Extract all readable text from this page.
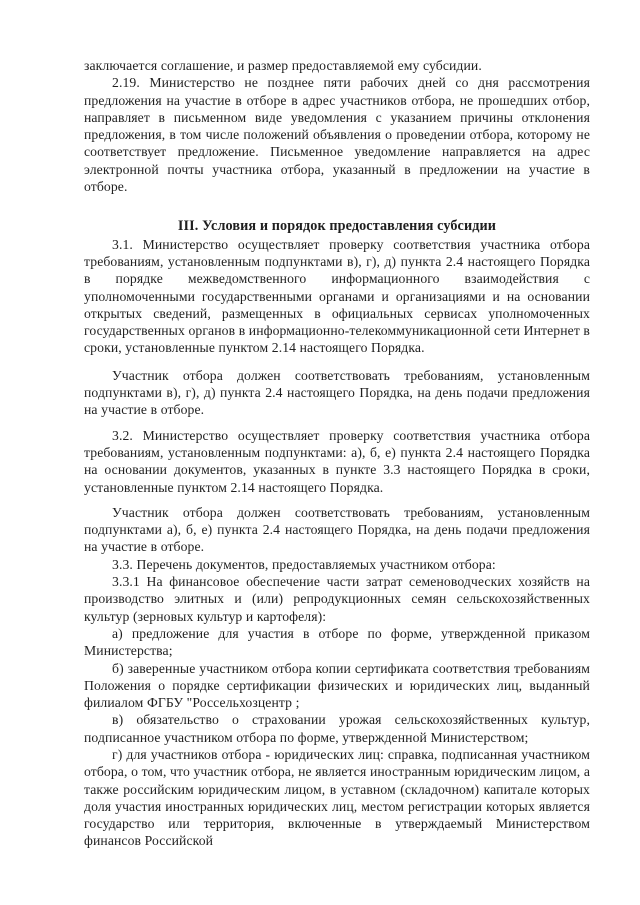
заключается соглашение, и размер предоставляемой ему субсидии.

2.19. Министерство не позднее пяти рабочих дней со дня рассмотрения предложения на участие в отборе в адрес участников отбора, не прошедших отбор, направляет в письменном виде уведомления с указанием причины отклонения предложения, в том числе положений объявления о проведении отбора, которому не соответствует предложение. Письменное уведомление направляется на адрес электронной почты участника отбора, указанный в предложении на участие в отборе.

III. Условия и порядок предоставления субсидии

3.1. Министерство осуществляет проверку соответствия участника отбора требованиям, установленным подпунктами в), г), д) пункта 2.4 настоящего Порядка в порядке межведомственного информационного взаимодействия с уполномоченными государственными органами и организациями и на основании открытых сведений, размещенных в официальных сервисах уполномоченных государственных органов в информационно-телекоммуникационной сети Интернет в сроки, установленные пунктом 2.14 настоящего Порядка.

Участник отбора должен соответствовать требованиям, установленным подпунктами в), г), д) пункта 2.4 настоящего Порядка, на день подачи предложения на участие в отборе.

3.2. Министерство осуществляет проверку соответствия участника отбора требованиям, установленным подпунктами: а), б, е) пункта 2.4 настоящего Порядка на основании документов, указанных в пункте 3.3 настоящего Порядка в сроки, установленные пунктом 2.14 настоящего Порядка.

Участник отбора должен соответствовать требованиям, установленным подпунктами а), б, е) пункта 2.4 настоящего Порядка, на день подачи предложения на участие в отборе.

3.3. Перечень документов, предоставляемых участником отбора:

3.3.1 На финансовое обеспечение части затрат семеноводческих хозяйств на производство элитных и (или) репродукционных семян сельскохозяйственных культур (зерновых культур и картофеля):

а) предложение для участия в отборе по форме, утвержденной приказом Министерства;

б) заверенные участником отбора копии сертификата соответствия требованиям Положения о порядке сертификации физических и юридических лиц, выданный филиалом ФГБУ "Россельхозцентр ;

в) обязательство о страховании урожая сельскохозяйственных культур, подписанное участником отбора по форме, утвержденной Министерством;

г) для участников отбора - юридических лиц: справка, подписанная участником отбора, о том, что участник отбора, не является иностранным юридическим лицом, а также российским юридическим лицом, в уставном (складочном) капитале которых доля участия иностранных юридических лиц, местом регистрации которых является государство или территория, включенные в утверждаемый Министерством финансов Российской
